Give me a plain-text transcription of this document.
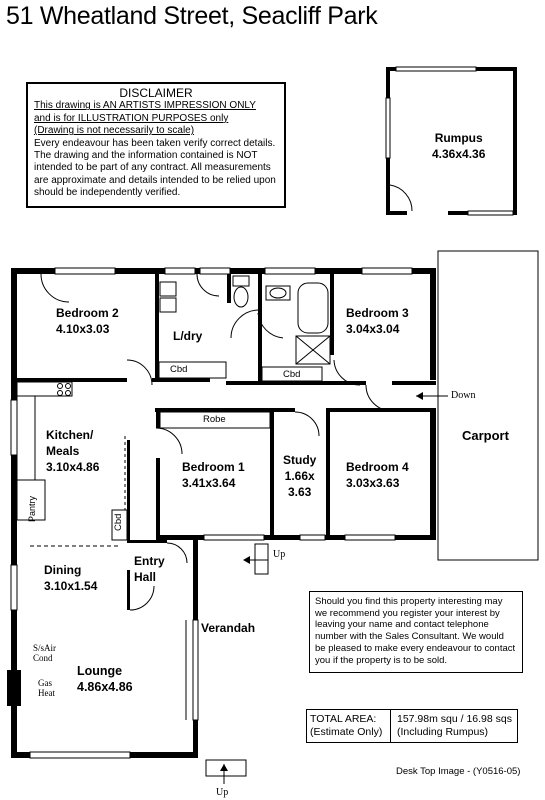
51 Wheatland Street, Seacliff Park
DISCLAIMER
This drawing is AN ARTISTS IMPRESSION ONLY
and is for ILLUSTRATION PURPOSES only
(Drawing is not necessarily to scale)
Every endeavour has been taken verify correct details. The drawing and the information contained is NOT intended to be part of any contract. All measurements are approximate and details intended to be relied upon should be independently verified.
Rumpus
4.36x4.36
Bedroom 2
4.10x3.03	L/dry
Bedroom 3
3.04x3.04
Kitchen/
Meals
3.10x4.86	Bedroom 1
3.41x3.64
Study
1.66x
3.63
Bedroom 4
3.03x3.63
Carport
Dining
3.10x1.54
Entry
Hall
Verandah
Lounge
4.86x4.86
Cbd	Cbd
Cbd
Robe
Pantry
S/sAir
Cond
Gas
Heat
Down
Up
Up
Should you find this property interesting may we recommend you register your interest by leaving your name and contact telephone number with the Sales Consultant. We would be pleased to make every endeavour to contact you if the property is to be sold.
TOTAL AREA:
(Estimate Only)
157.98m squ / 16.98 sqs
(Including Rumpus)
Desk Top Image - (Y0516-05)
